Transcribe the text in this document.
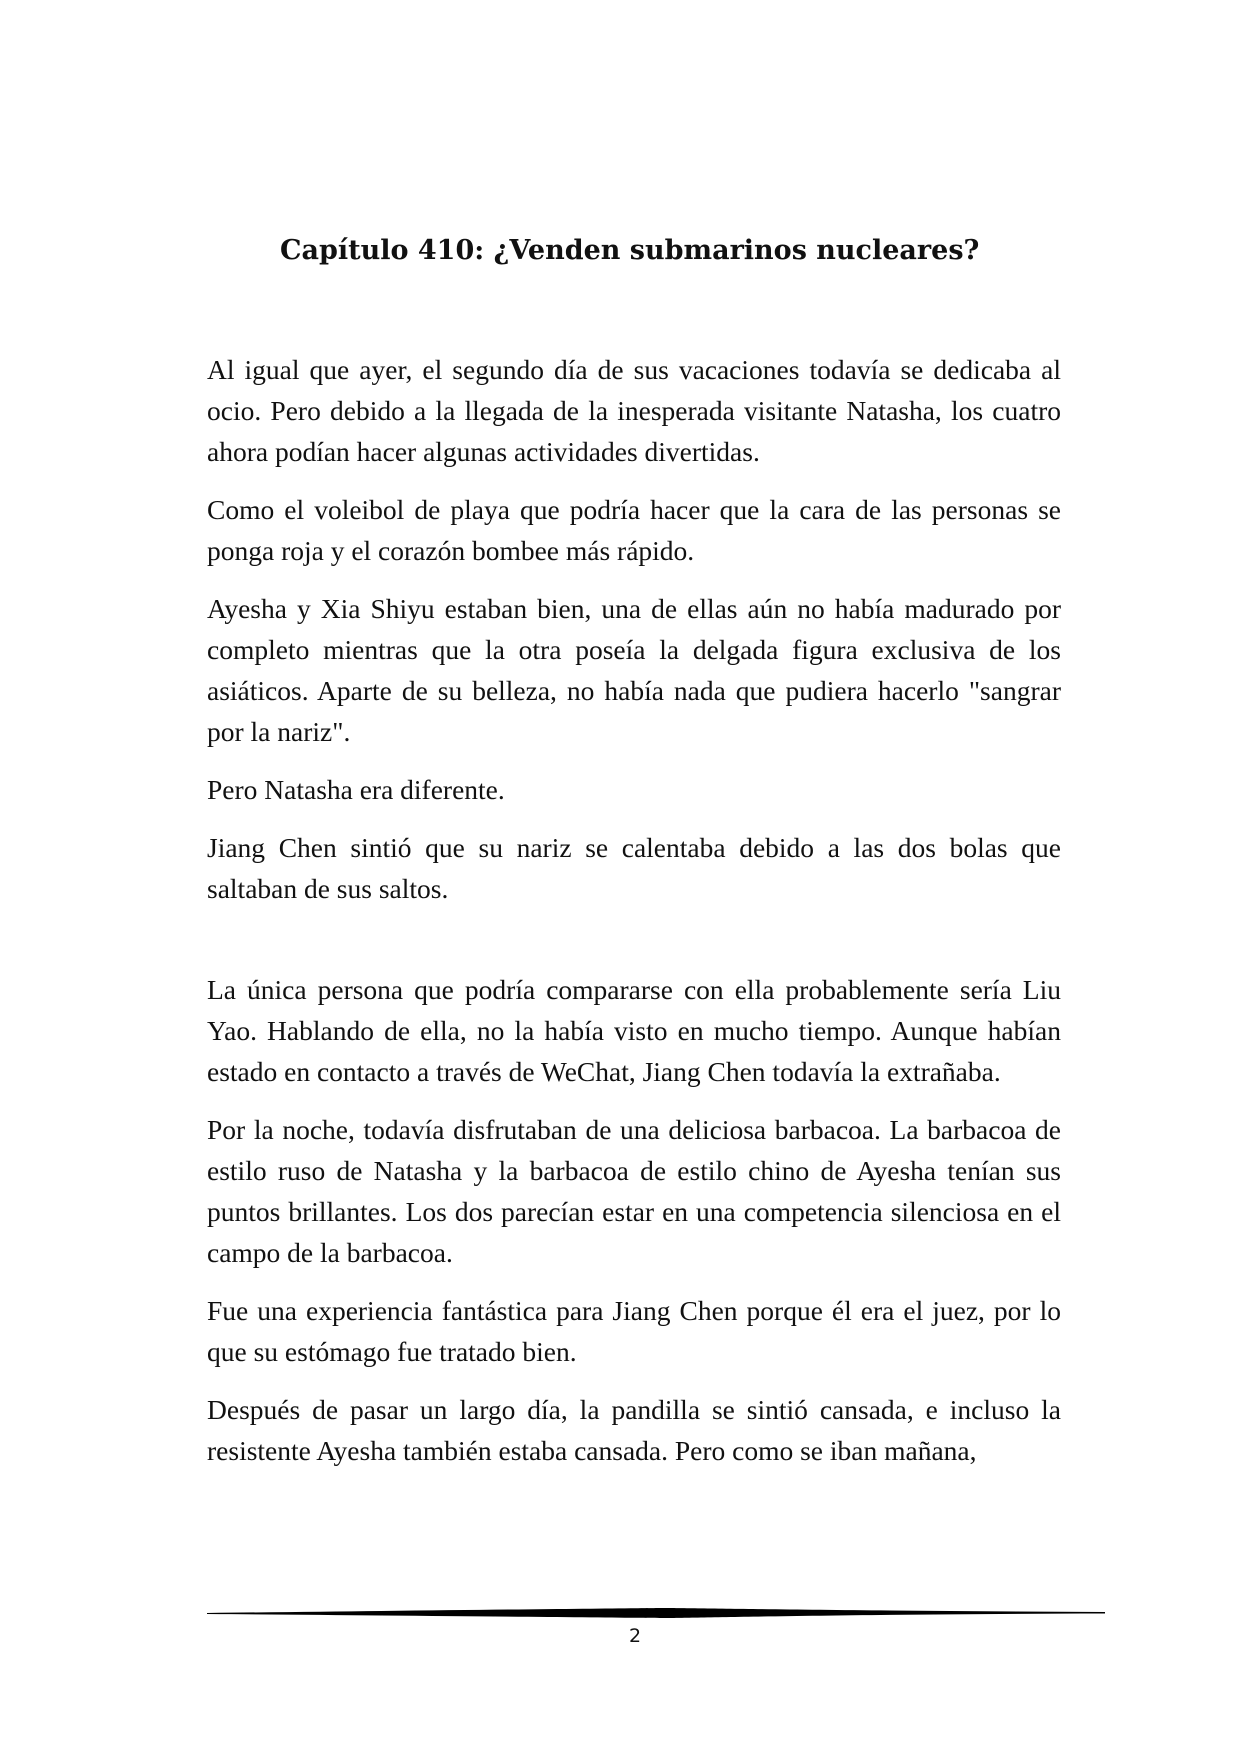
Capítulo 410: ¿Venden submarinos nucleares?

Al igual que ayer, el segundo día de sus vacaciones todavía se dedicaba al ocio. Pero debido a la llegada de la inesperada visitante Natasha, los cuatro ahora podían hacer algunas actividades divertidas.

Como el voleibol de playa que podría hacer que la cara de las personas se ponga roja y el corazón bombee más rápido.

Ayesha y Xia Shiyu estaban bien, una de ellas aún no había madurado por completo mientras que la otra poseía la delgada figura exclusiva de los asiáticos. Aparte de su belleza, no había nada que pudiera hacerlo "sangrar por la nariz".

Pero Natasha era diferente.

Jiang Chen sintió que su nariz se calentaba debido a las dos bolas que saltaban de sus saltos.

La única persona que podría compararse con ella probablemente sería Liu Yao. Hablando de ella, no la había visto en mucho tiempo. Aunque habían estado en contacto a través de WeChat, Jiang Chen todavía la extrañaba.

Por la noche, todavía disfrutaban de una deliciosa barbacoa. La barbacoa de estilo ruso de Natasha y la barbacoa de estilo chino de Ayesha tenían sus puntos brillantes. Los dos parecían estar en una competencia silenciosa en el campo de la barbacoa.

Fue una experiencia fantástica para Jiang Chen porque él era el juez, por lo que su estómago fue tratado bien.

Después de pasar un largo día, la pandilla se sintió cansada, e incluso la resistente Ayesha también estaba cansada. Pero como se iban mañana,

2
